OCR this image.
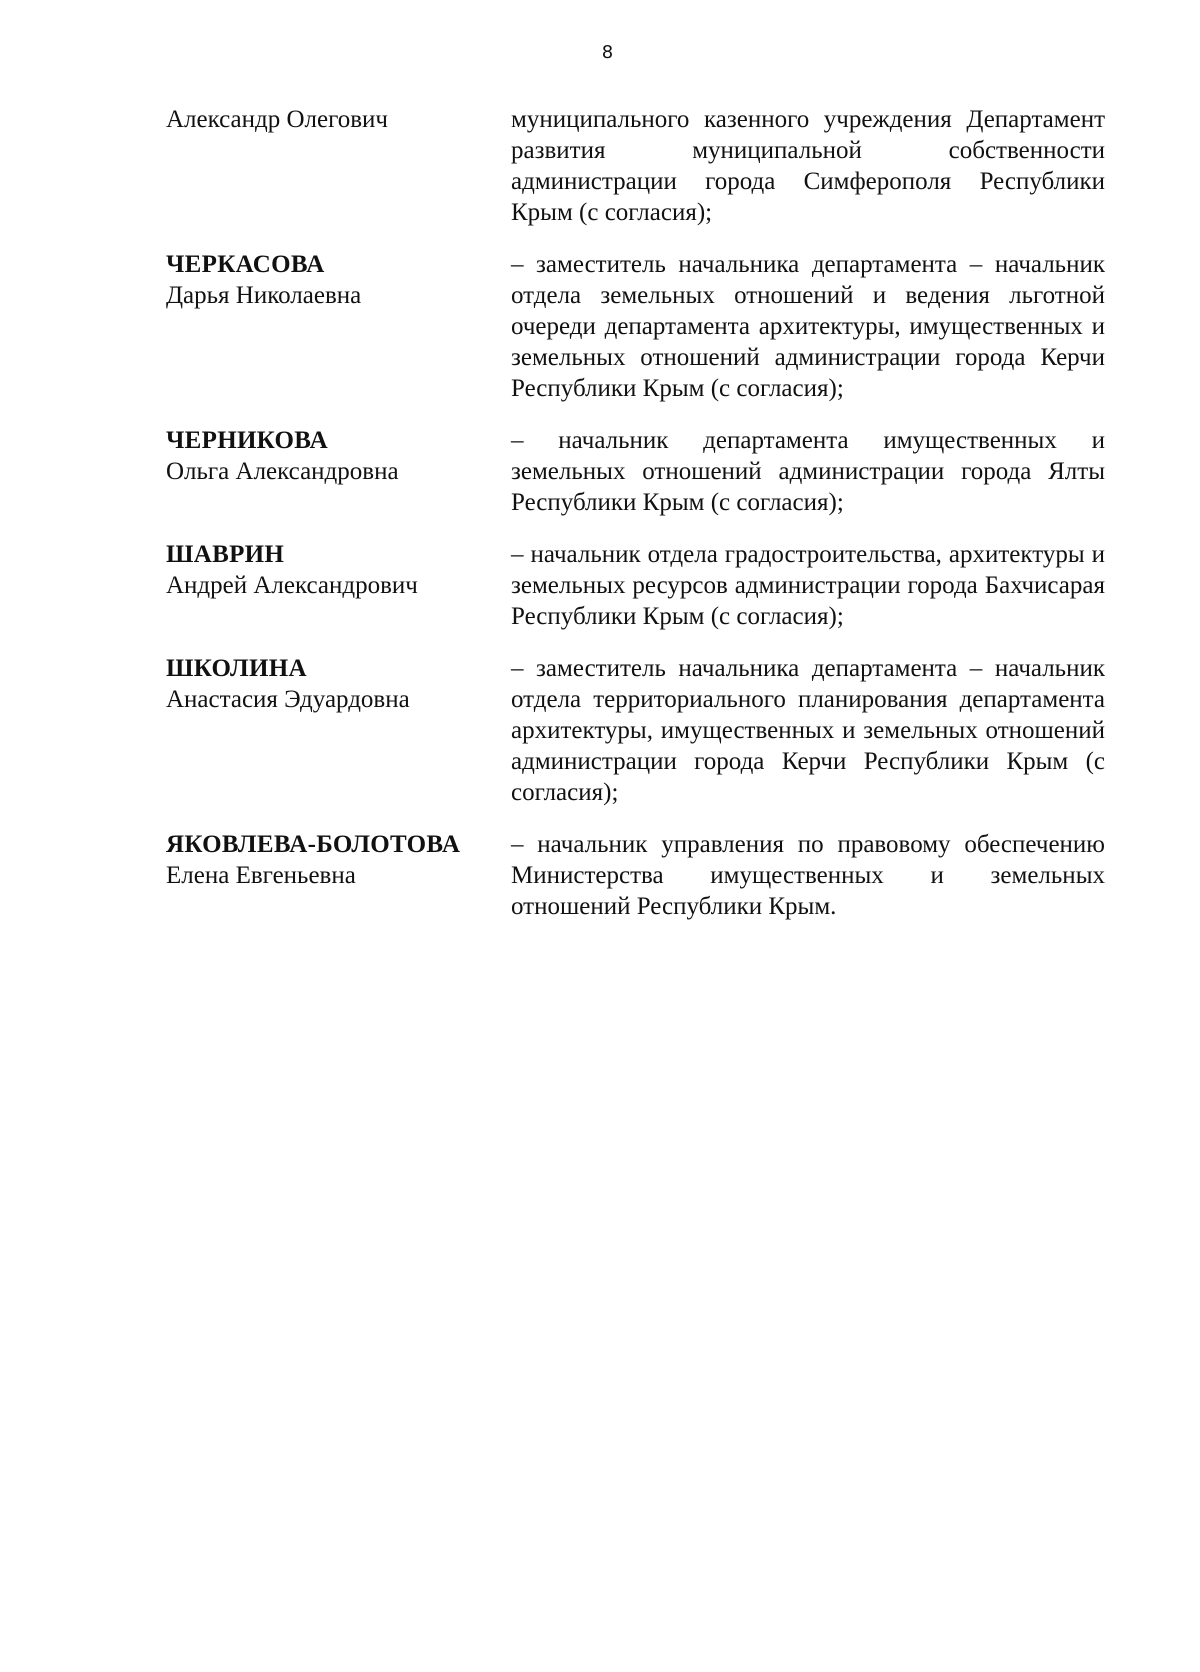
8
Александр Олегович	муниципального казенного учреждения Департамент развития муниципальной собственности администрации города Симферополя Республики Крым (с согласия);
ЧЕРКАСОВА
Дарья Николаевна
– заместитель начальника департамента – начальник отдела земельных отношений и ведения льготной очереди департамента архитектуры, имущественных и земельных отношений администрации города Керчи Республики Крым (с согласия);
ЧЕРНИКОВА
Ольга Александровна
– начальник департамента имущественных и земельных отношений администрации города Ялты Республики Крым (с согласия);
ШАВРИН
Андрей Александрович
– начальник отдела градостроительства, архитектуры и земельных ресурсов администрации города Бахчисарая Республики Крым (с согласия);
ШКОЛИНА
Анастасия Эдуардовна
– заместитель начальника департамента – начальник отдела территориального планирования департамента архитектуры, имущественных и земельных отношений администрации города Керчи Республики Крым (с согласия);
ЯКОВЛЕВА-БОЛОТОВА
Елена Евгеньевна
– начальник управления по правовому обеспечению Министерства имущественных и земельных отношений Республики Крым.
